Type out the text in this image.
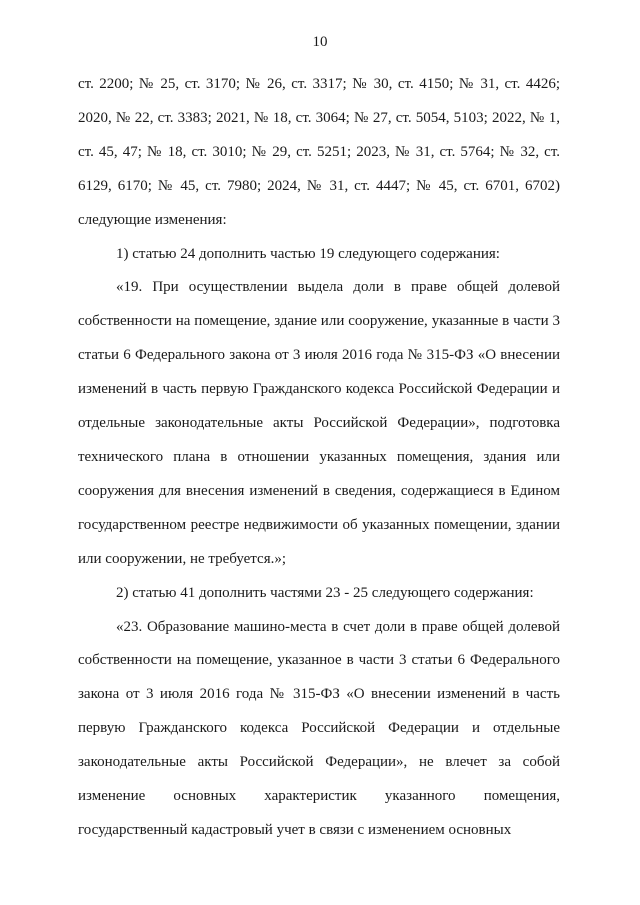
10

ст. 2200; № 25, ст. 3170; № 26, ст. 3317; № 30, ст. 4150; № 31, ст. 4426; 2020, № 22, ст. 3383; 2021, № 18, ст. 3064; № 27, ст. 5054, 5103; 2022, № 1, ст. 45, 47; № 18, ст. 3010; № 29, ст. 5251; 2023, № 31, ст. 5764; № 32, ст. 6129, 6170; № 45, ст. 7980; 2024, № 31, ст. 4447; № 45, ст. 6701, 6702) следующие изменения:

1) статью 24 дополнить частью 19 следующего содержания:

«19. При осуществлении выдела доли в праве общей долевой собственности на помещение, здание или сооружение, указанные в части 3 статьи 6 Федерального закона от 3 июля 2016 года № 315-ФЗ «О внесении изменений в часть первую Гражданского кодекса Российской Федерации и отдельные законодательные акты Российской Федерации», подготовка технического плана в отношении указанных помещения, здания или сооружения для внесения изменений в сведения, содержащиеся в Едином государственном реестре недвижимости об указанных помещении, здании или сооружении, не требуется.»;

2) статью 41 дополнить частями 23 - 25 следующего содержания:

«23. Образование машино-места в счет доли в праве общей долевой собственности на помещение, указанное в части 3 статьи 6 Федерального закона от 3 июля 2016 года № 315-ФЗ «О внесении изменений в часть первую Гражданского кодекса Российской Федерации и отдельные законодательные акты Российской Федерации», не влечет за собой изменение основных характеристик указанного помещения, государственный кадастровый учет в связи с изменением основных
